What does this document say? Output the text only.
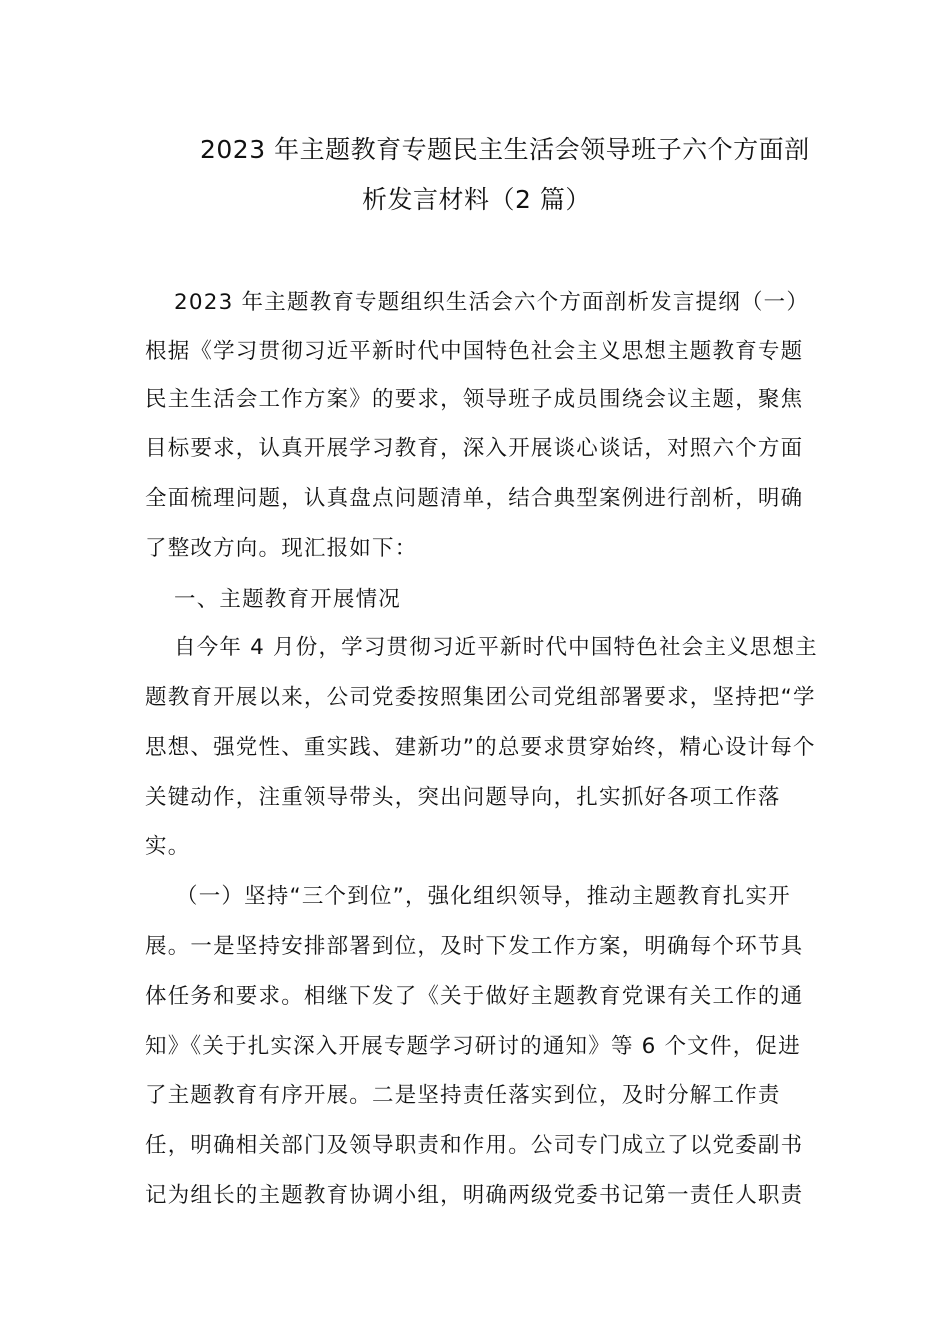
2023 年主题教育专题民主生活会领导班子六个方面剖
析发言材料（2 篇）
2023 年主题教育专题组织生活会六个方面剖析发言提纲（一）
根据《学习贯彻习近平新时代中国特色社会主义思想主题教育专题
民主生活会工作方案》的要求，领导班子成员围绕会议主题，聚焦
目标要求，认真开展学习教育，深入开展谈心谈话，对照六个方面
全面梳理问题，认真盘点问题清单，结合典型案例进行剖析，明确
了整改方向。现汇报如下：
一、主题教育开展情况
自今年 4 月份，学习贯彻习近平新时代中国特色社会主义思想主
题教育开展以来，公司党委按照集团公司党组部署要求，坚持把“学
思想、强党性、重实践、建新功”的总要求贯穿始终，精心设计每个
关键动作，注重领导带头，突出问题导向，扎实抓好各项工作落
实。
（一）坚持“三个到位”，强化组织领导，推动主题教育扎实开
展。一是坚持安排部署到位，及时下发工作方案，明确每个环节具
体任务和要求。相继下发了《关于做好主题教育党课有关工作的通
知》《关于扎实深入开展专题学习研讨的通知》等 6 个文件，促进
了主题教育有序开展。二是坚持责任落实到位，及时分解工作责
任，明确相关部门及领导职责和作用。公司专门成立了以党委副书
记为组长的主题教育协调小组，明确两级党委书记第一责任人职责
